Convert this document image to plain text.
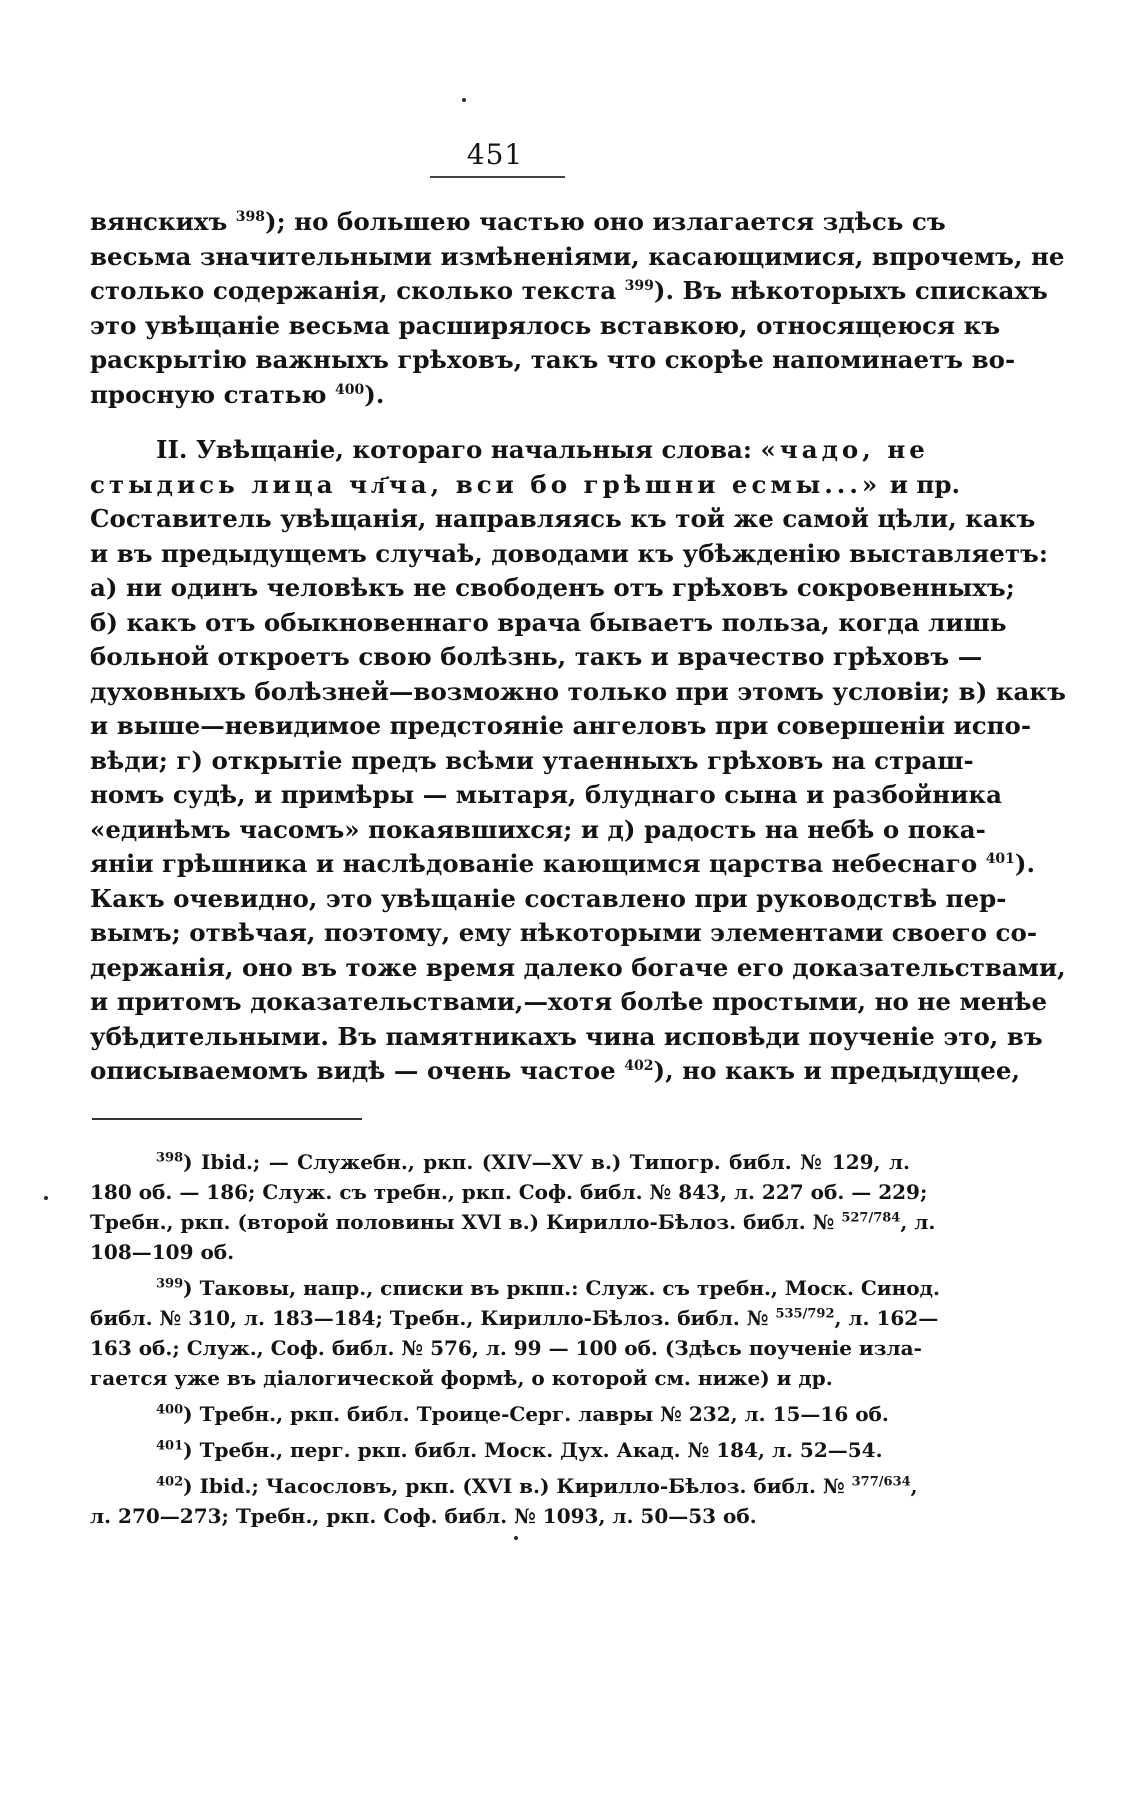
451
вянскихъ $^{398}$); но большею частью оно излагается здѣсь съ
весьма значительными измѣненiями, касающимися, впрочемъ, не
столько содержанiя, сколько текста $^{399}$). Въ нѣкоторыхъ спискахъ
это увѣщанiе весьма расширялось вставкою, относящеюся къ
раскрытiю важныхъ грѣховъ, такъ что скорѣе напоминаетъ во-
просную статью $^{400}$).
II. Увѣщанiе, котораго начальныя слова: «чадо, не
стыдись лица чл҃ча, вси бо грѣшни есмы...» и пр.
Составитель увѣщанiя, направляясь къ той же самой цѣли, какъ
и въ предыдущемъ случаѣ, доводами къ убѣжденiю выставляетъ:
а) ни одинъ человѣкъ не свободенъ отъ грѣховъ сокровенныхъ;
б) какъ отъ обыкновеннаго врача бываетъ польза, когда лишь
больной откроетъ свою болѣзнь, такъ и врачество грѣховъ —
духовныхъ болѣзней—возможно только при этомъ условiи; в) какъ
и выше—невидимое предстоянiе ангеловъ при совершенiи испо-
вѣди; г) открытiе предъ всѣми утаенныхъ грѣховъ на страш-
номъ судѣ, и примѣры — мытаря, блуднаго сына и разбойника
«единѣмъ часомъ» покаявшихся; и д) радость на небѣ о пока-
янiи грѣшника и наслѣдованiе кающимся царства небеснаго $^{401}$).
Какъ очевидно, это увѣщанiе составлено при руководствѣ пер-
вымъ; отвѣчая, поэтому, ему нѣкоторыми элементами своего со-
держанiя, оно въ тоже время далеко богаче его доказательствами,
и притомъ доказательствами,—хотя болѣе простыми, но не менѣе
убѣдительными. Въ памятникахъ чина исповѣди поученiе это, въ
описываемомъ видѣ — очень частое $^{402}$), но какъ и предыдущее,
$^{398}$) Ibid.; — Служебн., ркп. (XIV—XV в.) Типогр. библ. № 129, л.
180 об. — 186; Служ. съ требн., ркп. Соф. библ. № 843, л. 227 об. — 229;
Требн., ркп. (второй половины XVI в.) Кирилло-Бѣлоз. библ. № $^{527/784}$, л.
108—109 об.
$^{399}$) Таковы, напр., списки въ ркпп.: Служ. съ требн., Моск. Синод.
библ. № 310, л. 183—184; Требн., Кирилло-Бѣлоз. библ. № $^{535/792}$, л. 162—
163 об.; Служ., Соф. библ. № 576, л. 99 — 100 об. (Здѣсь поученiе изла-
гается уже въ дiалогической формѣ, о которой см. ниже) и др.
$^{400}$) Требн., ркп. библ. Троице-Серг. лавры № 232, л. 15—16 об.
$^{401}$) Требн., перг. ркп. библ. Моск. Дух. Акад. № 184, л. 52—54.
$^{402}$) Ibid.; Часословъ, ркп. (XVI в.) Кирилло-Бѣлоз. библ. № $^{377/634}$,
л. 270—273; Требн., ркп. Соф. библ. № 1093, л. 50—53 об.
